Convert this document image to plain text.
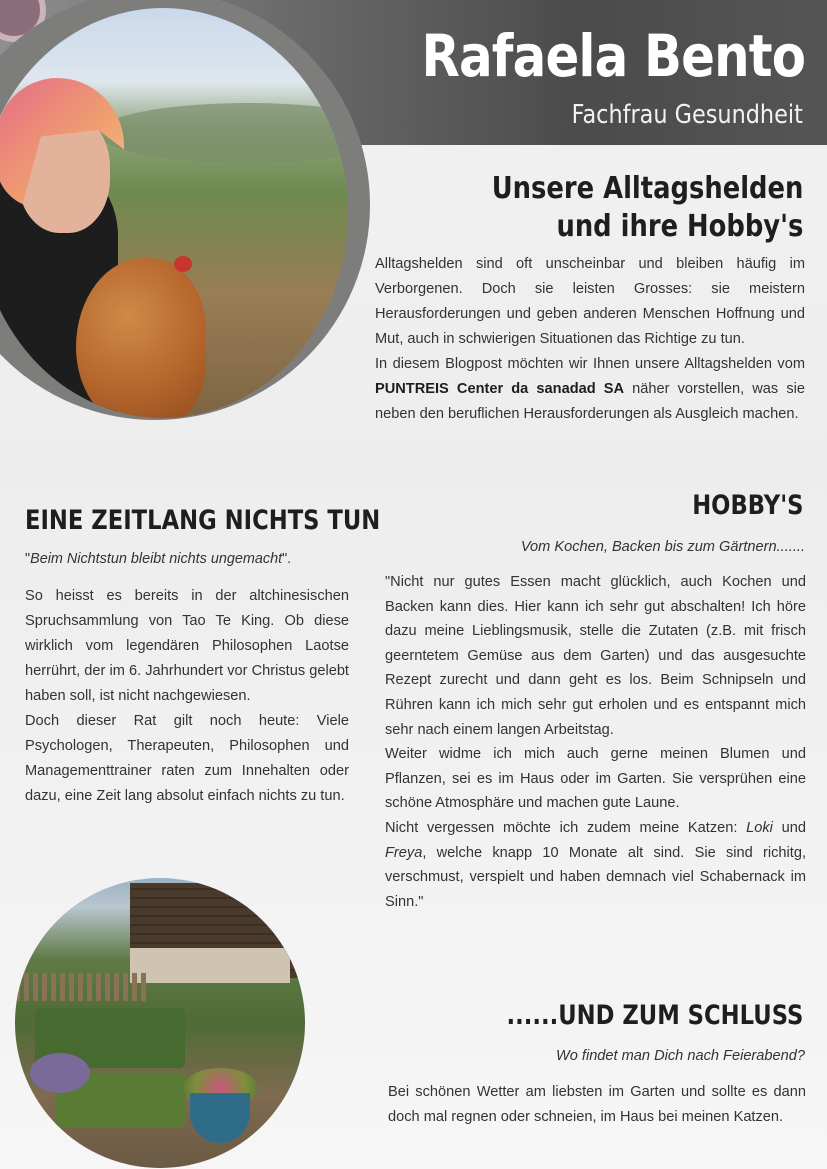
Rafaela Bento

Fachfrau Gesundheit

Unsere Alltagshelden
und ihre Hobby's

Alltagshelden sind oft unscheinbar und bleiben häufig im Verborgenen. Doch sie leisten Grosses: sie meistern Herausforderungen und geben anderen Menschen Hoffnung und Mut, auch in schwierigen Situationen das Richtige zu tun.
In diesem Blogpost möchten wir Ihnen unsere Alltagshelden vom PUNTREIS Center da sanadad SA näher vorstellen, was sie neben den beruflichen Herausforderungen als Ausgleich machen.

EINE ZEITLANG NICHTS TUN

"Beim Nichtstun bleibt nichts ungemacht".

So heisst es bereits in der altchinesischen Spruchsammlung von Tao Te King. Ob diese wirklich vom legendären Philosophen Laotse herrührt, der im 6. Jahrhundert vor Christus gelebt haben soll, ist nicht nachgewiesen.
Doch dieser Rat gilt noch heute: Viele Psychologen, Therapeuten, Philosophen und Managementtrainer raten zum Innehalten oder dazu, eine Zeit lang absolut einfach nichts zu tun.

HOBBY'S

Vom Kochen, Backen bis zum Gärtnern.......

"Nicht nur gutes Essen macht glücklich, auch Kochen und Backen kann dies. Hier kann ich sehr gut abschalten! Ich höre dazu meine Lieblingsmusik, stelle die Zutaten (z.B. mit frisch geerntetem Gemüse aus dem Garten) und das ausgesuchte Rezept zurecht und dann geht es los. Beim Schnipseln und Rühren kann ich mich sehr gut erholen und es entspannt mich sehr nach einem langen Arbeitstag.
Weiter widme ich mich auch gerne meinen Blumen und Pflanzen, sei es im Haus oder im Garten. Sie versprühen eine schöne Atmosphäre und machen gute Laune.
Nicht vergessen möchte ich zudem meine Katzen: Loki und Freya, welche knapp 10 Monate alt sind. Sie sind richitg, verschmust, verspielt und haben demnach viel Schabernack im Sinn."

......UND ZUM SCHLUSS

Wo findet man Dich nach Feierabend?

Bei schönen Wetter am liebsten im Garten und sollte es dann doch mal regnen oder schneien, im Haus bei meinen Katzen.
